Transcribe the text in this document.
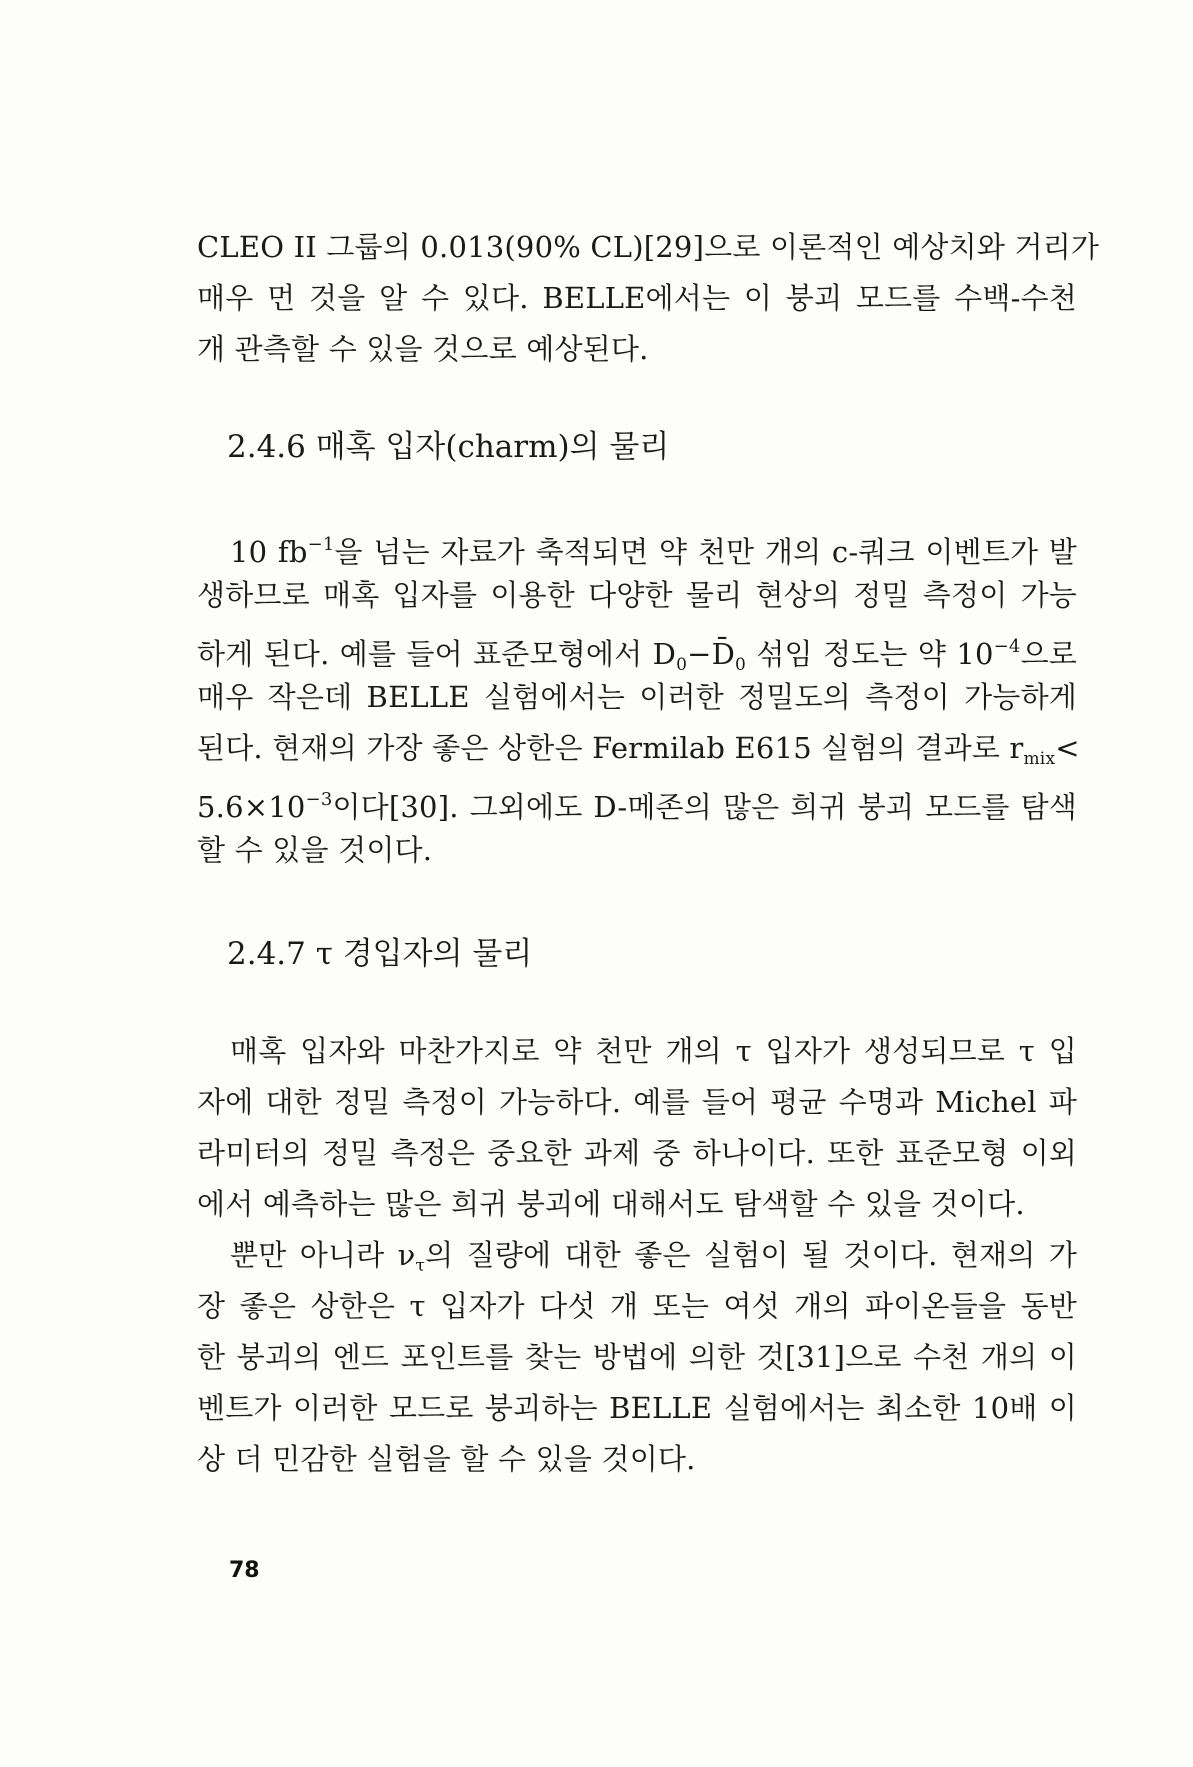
CLEO II 그룹의 0.013(90% CL)[29]으로 이론적인 예상치와 거리가
매우 먼 것을 알 수 있다. BELLE에서는 이 붕괴 모드를 수백-수천
개 관측할 수 있을 것으로 예상된다.

2.4.6 매혹 입자(charm)의 물리

10 $fb^{-1}$을 넘는 자료가 축적되면 약 천만 개의 c-쿼크 이벤트가 발
생하므로 매혹 입자를 이용한 다양한 물리 현상의 정밀 측정이 가능
하게 된다. 예를 들어 표준모형에서 $D_0-D̄_0$ 섞임 정도는 약 $10^{-4}$으로
매우 작은데 BELLE 실험에서는 이러한 정밀도의 측정이 가능하게
된다. 현재의 가장 좋은 상한은 Fermilab E615 실험의 결과로 $r_{mix}<$
$5.6\times 10^{-3}$이다[30]. 그외에도 D-메존의 많은 희귀 붕괴 모드를 탐색
할 수 있을 것이다.

2.4.7 τ 경입자의 물리

매혹 입자와 마찬가지로 약 천만 개의 τ 입자가 생성되므로 τ 입
자에 대한 정밀 측정이 가능하다. 예를 들어 평균 수명과 Michel 파
라미터의 정밀 측정은 중요한 과제 중 하나이다. 또한 표준모형 이외
에서 예측하는 많은 희귀 붕괴에 대해서도 탐색할 수 있을 것이다.

뿐만 아니라 $\nu_\tau$의 질량에 대한 좋은 실험이 될 것이다. 현재의 가
장 좋은 상한은 τ 입자가 다섯 개 또는 여섯 개의 파이온들을 동반
한 붕괴의 엔드 포인트를 찾는 방법에 의한 것[31]으로 수천 개의 이
벤트가 이러한 모드로 붕괴하는 BELLE 실험에서는 최소한 10배 이
상 더 민감한 실험을 할 수 있을 것이다.

78
